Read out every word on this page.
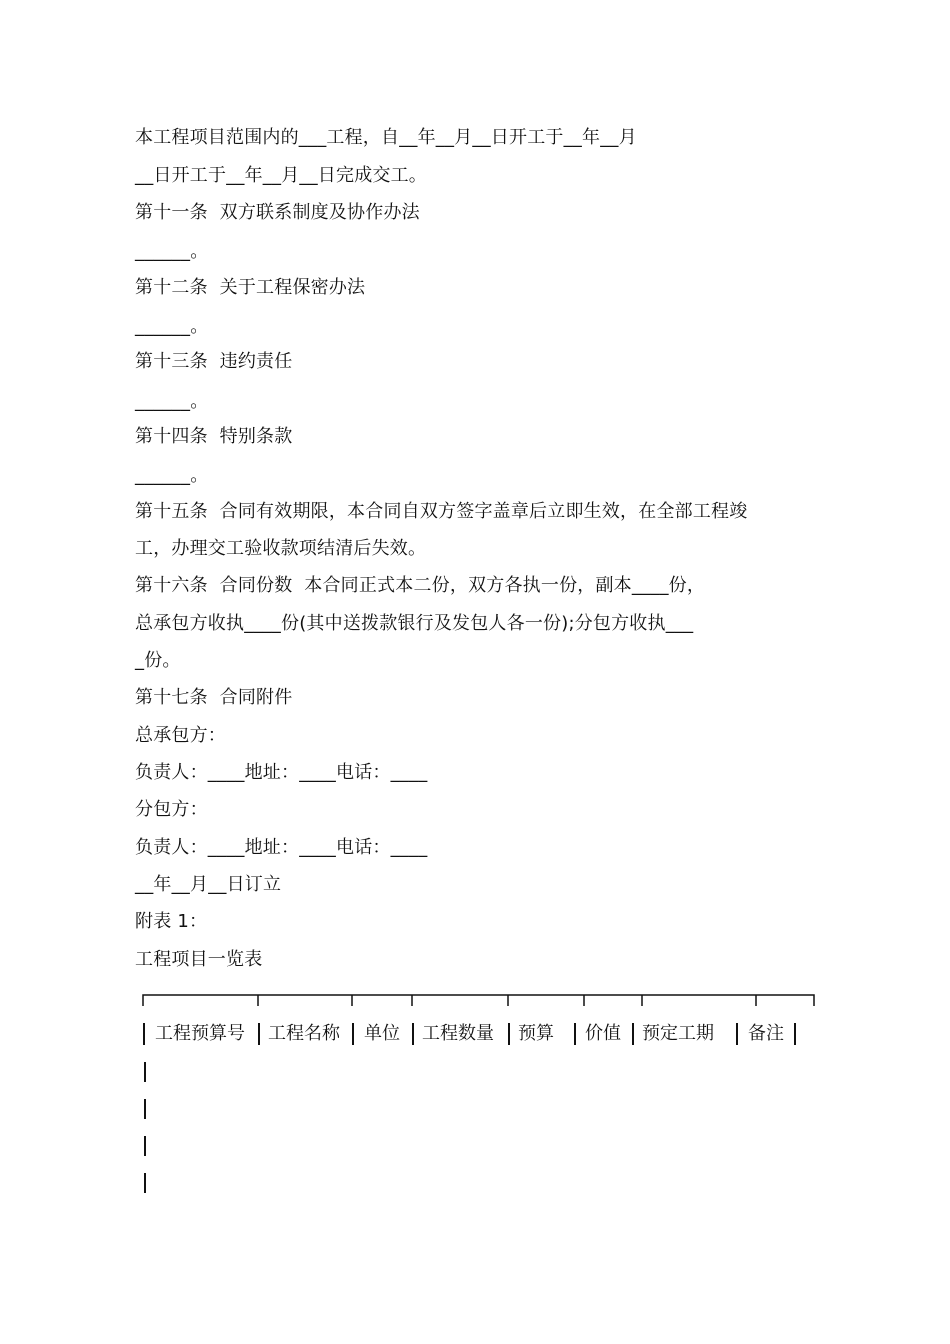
本工程项目范围内的___工程，自__年__月__日开工于__年__月
__日开工于__年__月__日完成交工。
第十一条  双方联系制度及协作办法
______。
第十二条  关于工程保密办法
______。
第十三条  违约责任
______。
第十四条  特别条款
______。
第十五条  合同有效期限，本合同自双方签字盖章后立即生效，在全部工程竣
工，办理交工验收款项结清后失效。
第十六条  合同份数  本合同正式本二份，双方各执一份，副本____份，
总承包方收执____份(其中送拨款银行及发包人各一份);分包方收执___
_份。
第十七条  合同附件
总承包方：
负责人：____地址：____电话：____
分包方：
负责人：____地址：____电话：____
__年__月__日订立
附表 1：
工程项目一览表
工程预算号 工程名称 单位 工程数量 预算 价值 预定工期 备注
